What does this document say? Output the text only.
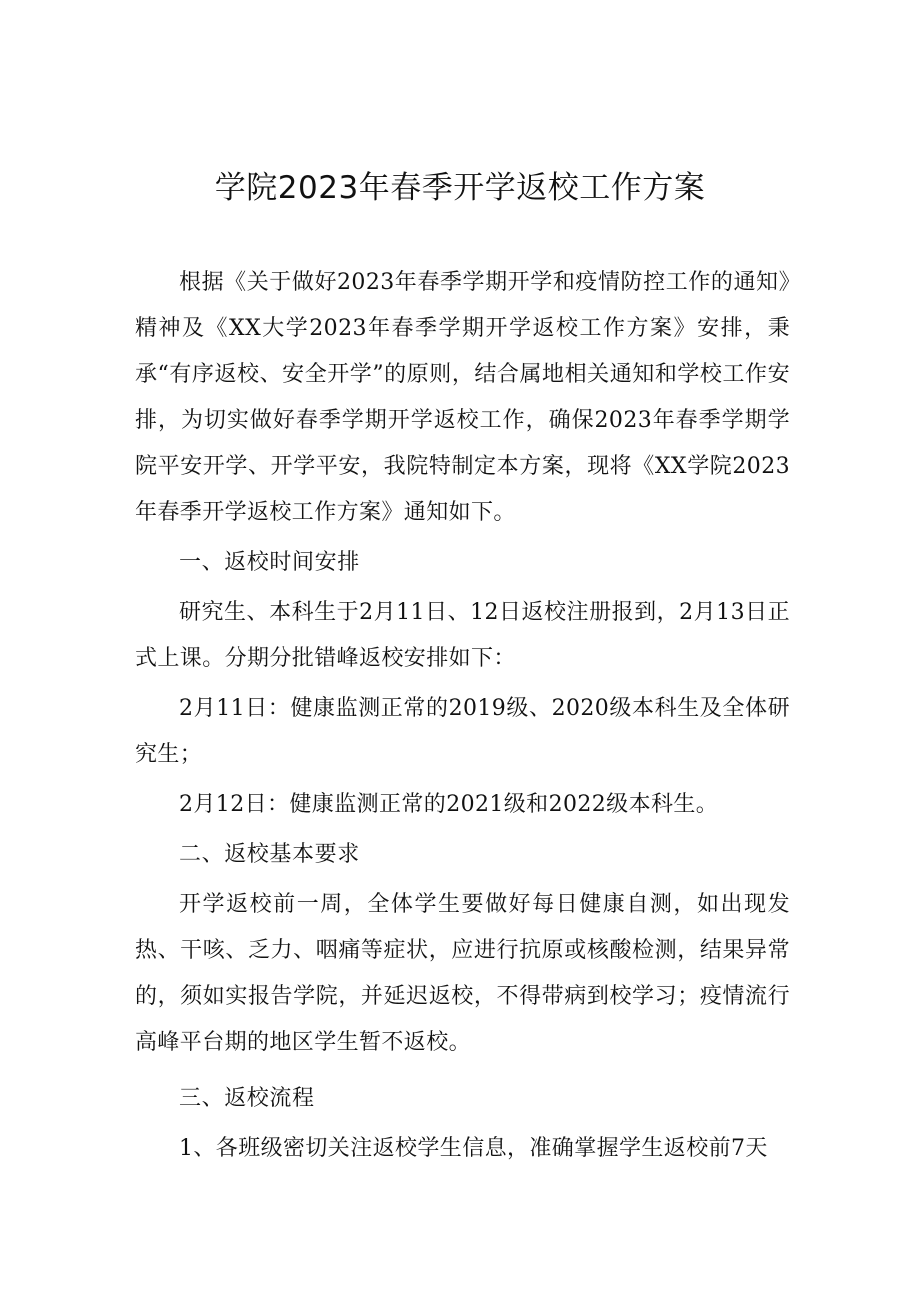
学院2023年春季开学返校工作方案

根据《关于做好2023年春季学期开学和疫情防控工作的通知》精神及《XX大学2023年春季学期开学返校工作方案》安排，秉承“有序返校、安全开学”的原则，结合属地相关通知和学校工作安排，为切实做好春季学期开学返校工作，确保2023年春季学期学院平安开学、开学平安，我院特制定本方案，现将《XX学院2023年春季开学返校工作方案》通知如下。

一、返校时间安排

研究生、本科生于2月11日、12日返校注册报到，2月13日正式上课。分期分批错峰返校安排如下：

2月11日：健康监测正常的2019级、2020级本科生及全体研究生；

2月12日：健康监测正常的2021级和2022级本科生。

二、返校基本要求

开学返校前一周，全体学生要做好每日健康自测，如出现发热、干咳、乏力、咽痛等症状，应进行抗原或核酸检测，结果异常的，须如实报告学院，并延迟返校，不得带病到校学习；疫情流行高峰平台期的地区学生暂不返校。

三、返校流程

1、各班级密切关注返校学生信息，准确掌握学生返校前7天
